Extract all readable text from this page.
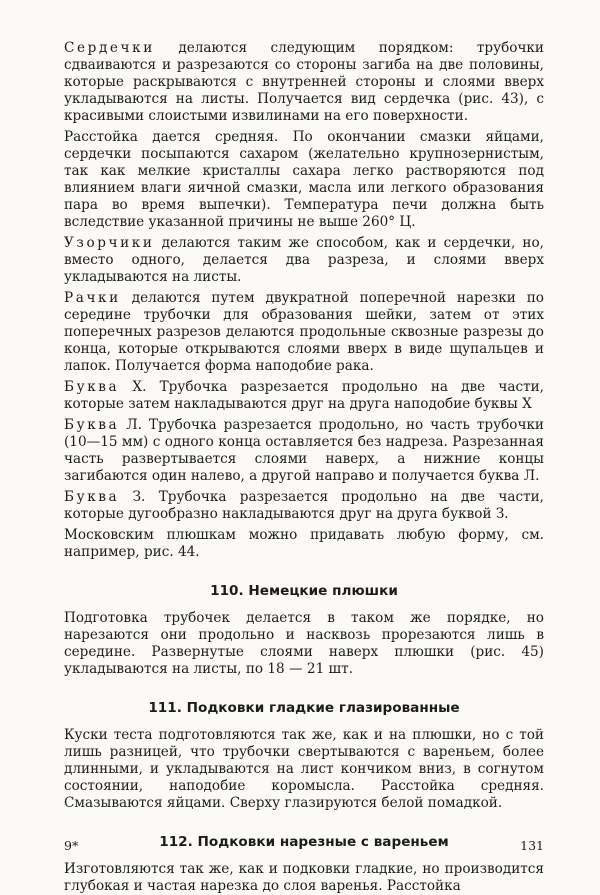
Сердечки делаются следующим порядком: трубочки сдваиваются и разрезаются со стороны загиба на две половины, которые раскрываются с внутренней стороны и слоями вверх укладываются на листы. Получается вид сердечка (рис. 43), с красивыми слоистыми извилинами на его поверхности.

Расстойка дается средняя. По окончании смазки яйцами, сердечки посыпаются сахаром (желательно крупнозернистым, так как мелкие кристаллы сахара легко растворяются под влиянием влаги яичной смазки, масла или легкого образования пара во время выпечки). Температура печи должна быть вследствие указанной причины не выше 260° Ц.

Узорчики делаются таким же способом, как и сердечки, но, вместо одного, делается два разреза, и слоями вверх укладываются на листы.

Рачки делаются путем двукратной поперечной нарезки по середине трубочки для образования шейки, затем от этих поперечных разрезов делаются продольные сквозные разрезы до конца, которые открываются слоями вверх в виде щупальцев и лапок. Получается форма наподобие рака.

Буква Х. Трубочка разрезается продольно на две части, которые затем накладываются друг на друга наподобие буквы Х

Буква Л. Трубочка разрезается продольно, но часть трубочки (10—15 мм) с одного конца оставляется без надреза. Разрезанная часть развертывается слоями наверх, а нижние концы загибаются один налево, а другой направо и получается буква Л.

Буква З. Трубочка разрезается продольно на две части, которые дугообразно накладываются друг на друга буквой З.

Московским плюшкам можно придавать любую форму, см. например, рис. 44.

110. Немецкие плюшки

Подготовка трубочек делается в таком же порядке, но нарезаются они продольно и насквозь прорезаются лишь в середине. Развернутые слоями наверх плюшки (рис. 45) укладываются на листы, по 18 — 21 шт.

111. Подковки гладкие глазированные

Куски теста подготовляются так же, как и на плюшки, но с той лишь разницей, что трубочки свертываются с вареньем, более длинными, и укладываются на лист кончиком вниз, в согнутом состоянии, наподобие коромысла. Расстойка средняя. Смазываются яйцами. Сверху глазируются белой помадкой.

112. Подковки нарезные с вареньем

Изготовляются так же, как и подковки гладкие, но производится глубокая и частая нарезка до слоя варенья. Расстойка

9*	131
